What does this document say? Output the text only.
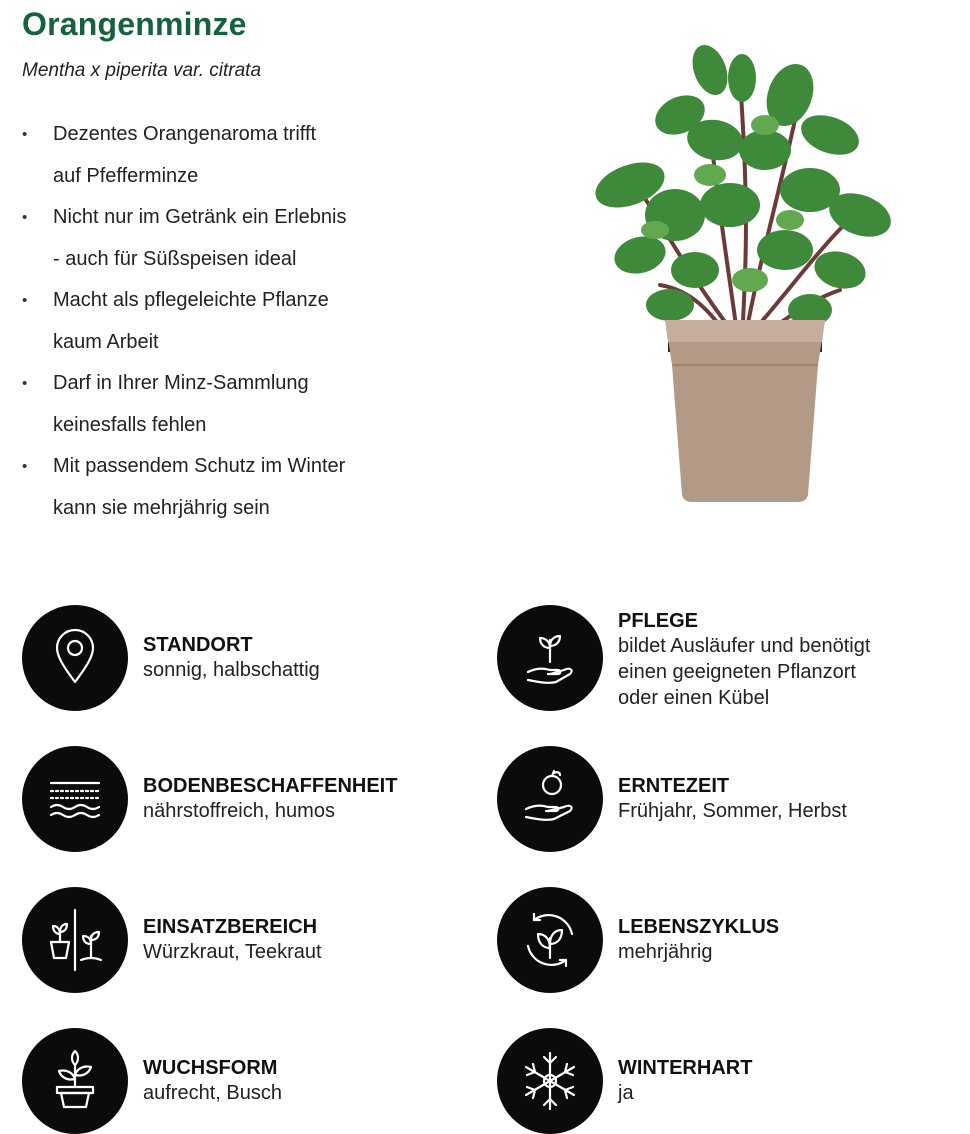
Orangenminze

Mentha x piperita var. citrata

• Dezentes Orangenaroma trifft
auf Pfefferminze
• Nicht nur im Getränk ein Erlebnis
- auch für Süßspeisen ideal
• Macht als pflegeleichte Pflanze
kaum Arbeit
• Darf in Ihrer Minz-Sammlung
keinesfalls fehlen
• Mit passendem Schutz im Winter
kann sie mehrjährig sein
STANDORT
sonnig, halbschattig
PFLEGE
bildet Ausläufer und benötigt
einen geeigneten Pflanzort
oder einen Kübel
BODENBESCHAFFENHEIT
nährstoffreich, humos
ERNTEZEIT
Frühjahr, Sommer, Herbst
EINSATZBEREICH
Würzkraut, Teekraut
LEBENSZYKLUS
mehrjährig
WUCHSFORM
aufrecht, Busch
WINTERHART
ja
